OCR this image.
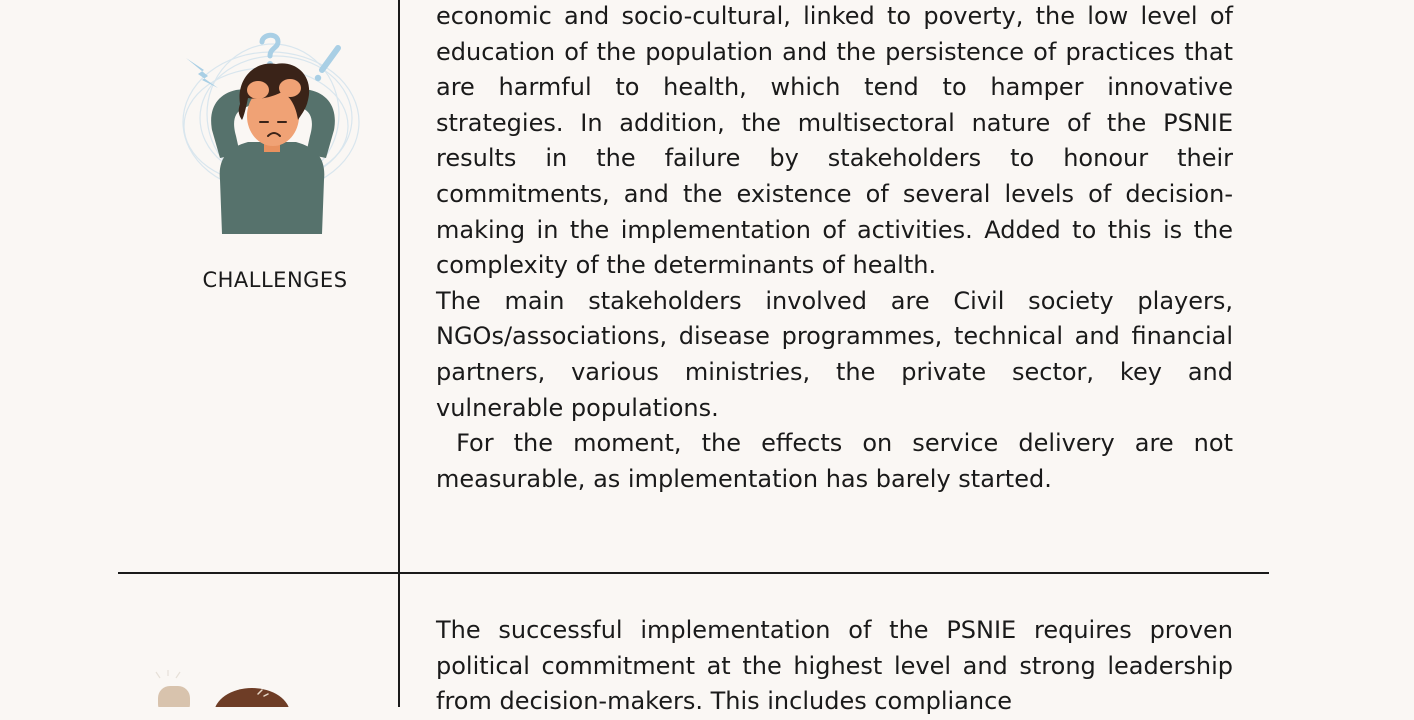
CHALLENGES

economic and socio-cultural, linked to poverty, the low level of education of the population and the persistence of practices that are harmful to health, which tend to hamper innovative strategies. In addition, the multisectoral nature of the PSNIE results in the failure by stakeholders to honour their commitments, and the existence of several levels of decision-making in the implementation of activities. Added to this is the complexity of the determinants of health.

The main stakeholders involved are Civil society players, NGOs/associations, disease programmes, technical and financial partners, various ministries, the private sector, key and vulnerable populations.

For the moment, the effects on service delivery are not measurable, as implementation has barely started.

The successful implementation of the PSNIE requires proven political commitment at the highest level and strong leadership from decision-makers. This includes compliance
